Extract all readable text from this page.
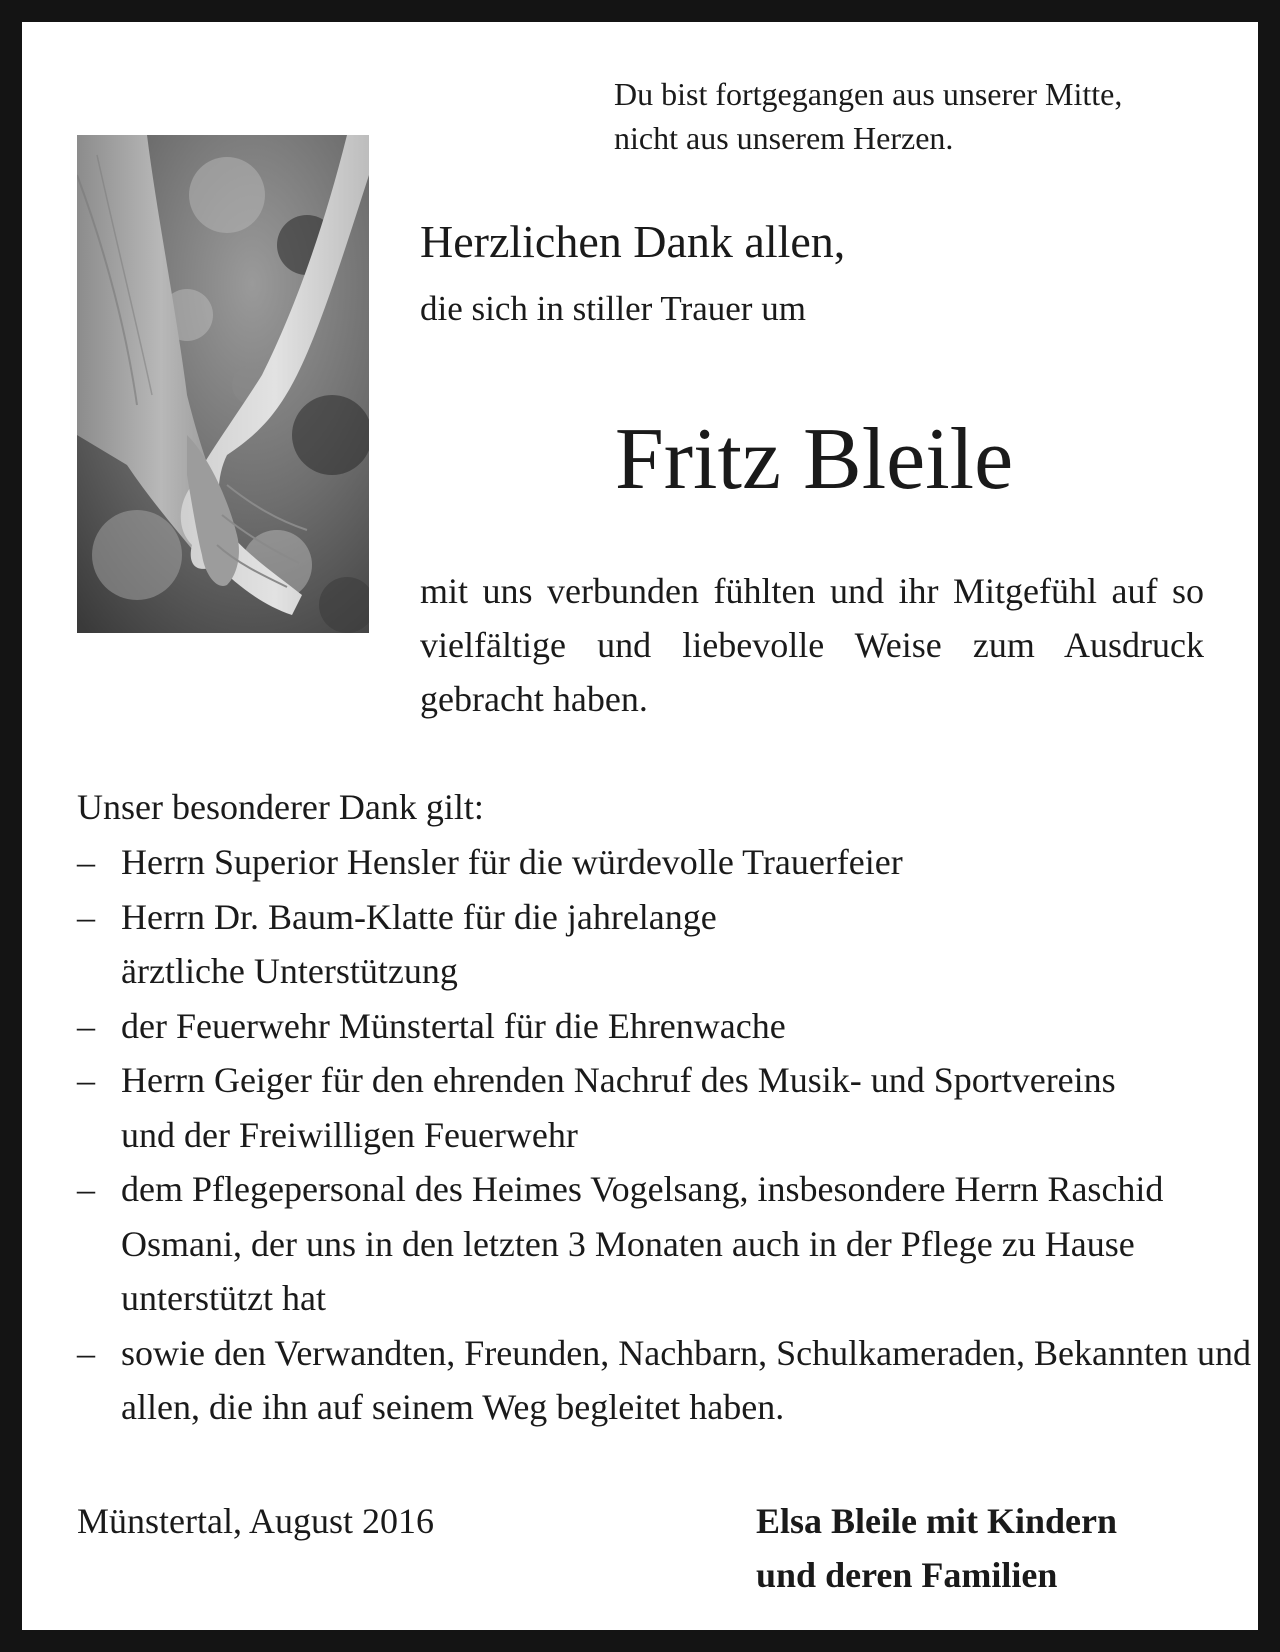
Du bist fortgegangen aus unserer Mitte,
nicht aus unserem Herzen.

Herzlichen Dank allen,

die sich in stiller Trauer um

Fritz Bleile

mit uns verbunden fühlten und ihr Mitgefühl auf so vielfältige und liebevolle Weise zum Ausdruck gebracht haben.

Unser besonderer Dank gilt:

– Herrn Superior Hensler für die würdevolle Trauerfeier
– Herrn Dr. Baum-Klatte für die jahrelange ärztliche Unterstützung
– der Feuerwehr Münstertal für die Ehrenwache
– Herrn Geiger für den ehrenden Nachruf des Musik- und Sportvereins und der Freiwilligen Feuerwehr
– dem Pflegepersonal des Heimes Vogelsang, insbesondere Herrn Raschid Osmani, der uns in den letzten 3 Monaten auch in der Pflege zu Hause unterstützt hat
– sowie den Verwandten, Freunden, Nachbarn, Schulkameraden, Bekannten und allen, die ihn auf seinem Weg begleitet haben.

Münstertal, August 2016	Elsa Bleile mit Kindern
und deren Familien
